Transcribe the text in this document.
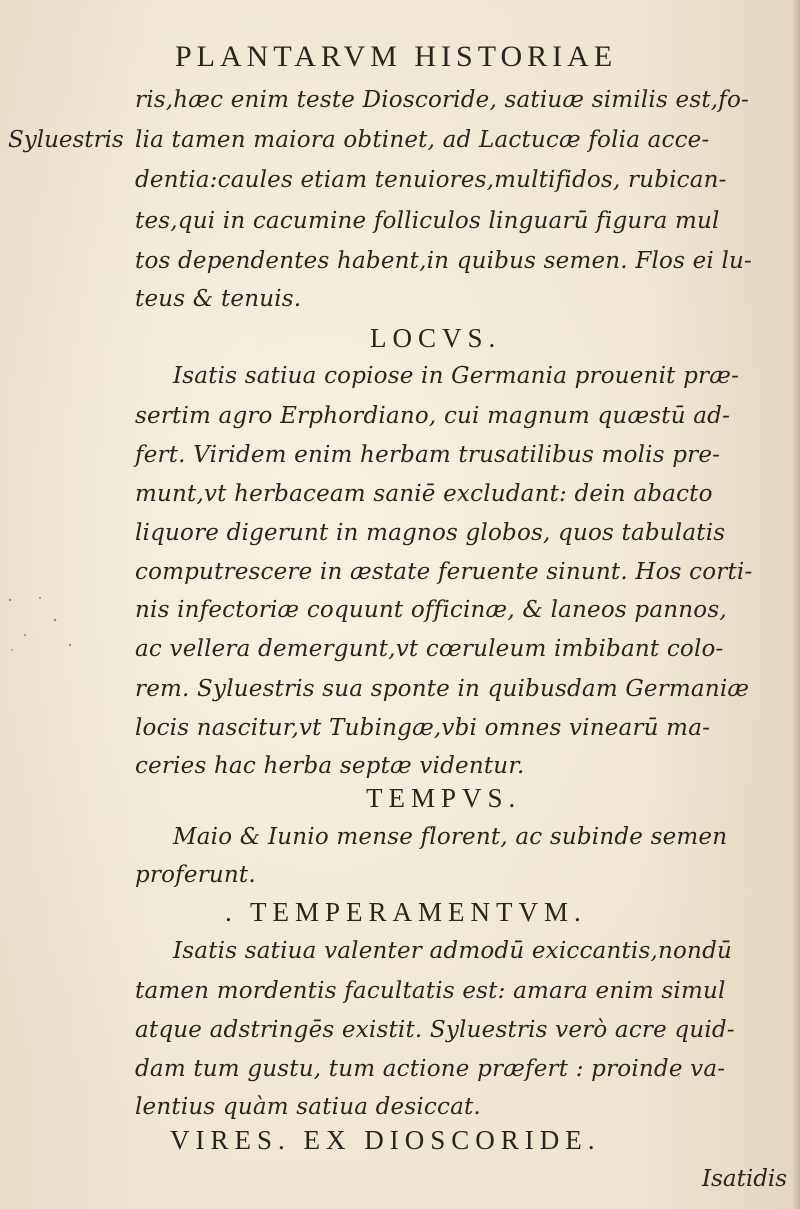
PLANTARVM HISTORIAE
Syluestris
ris,hæc enim teste Dioscoride, satiuæ similis est,fo-
lia tamen maiora obtinet, ad Lactucæ folia acce-
dentia:caules etiam tenuiores,multifidos, rubican-
tes,qui in cacumine folliculos linguarū figura mul
tos dependentes habent,in quibus semen. Flos ei lu-
teus & tenuis.
LOCVS.
Isatis satiua copiose in Germania prouenit præ-
sertim agro Erphordiano, cui magnum quæstū ad-
fert. Viridem enim herbam trusatilibus molis pre-
munt,vt herbaceam saniē excludant: dein abacto
liquore digerunt in magnos globos, quos tabulatis
computrescere in æstate feruente sinunt. Hos corti-
nis infectoriæ coquunt officinæ, & laneos pannos,
ac vellera demergunt,vt cœruleum imbibant colo-
rem. Syluestris sua sponte in quibusdam Germaniæ
locis nascitur,vt Tubingæ,vbi omnes vinearū ma-
ceries hac herba septæ videntur.
TEMPVS.
Maio & Iunio mense florent, ac subinde semen
proferunt.
. TEMPERAMENTVM.
Isatis satiua valenter admodū exiccantis,nondū
tamen mordentis facultatis est: amara enim simul
atque adstringēs existit. Syluestris verò acre quid-
dam tum gustu, tum actione præfert : proinde va-
lentius quàm satiua desiccat.
VIRES. EX DIOSCORIDE.
Isatidis
